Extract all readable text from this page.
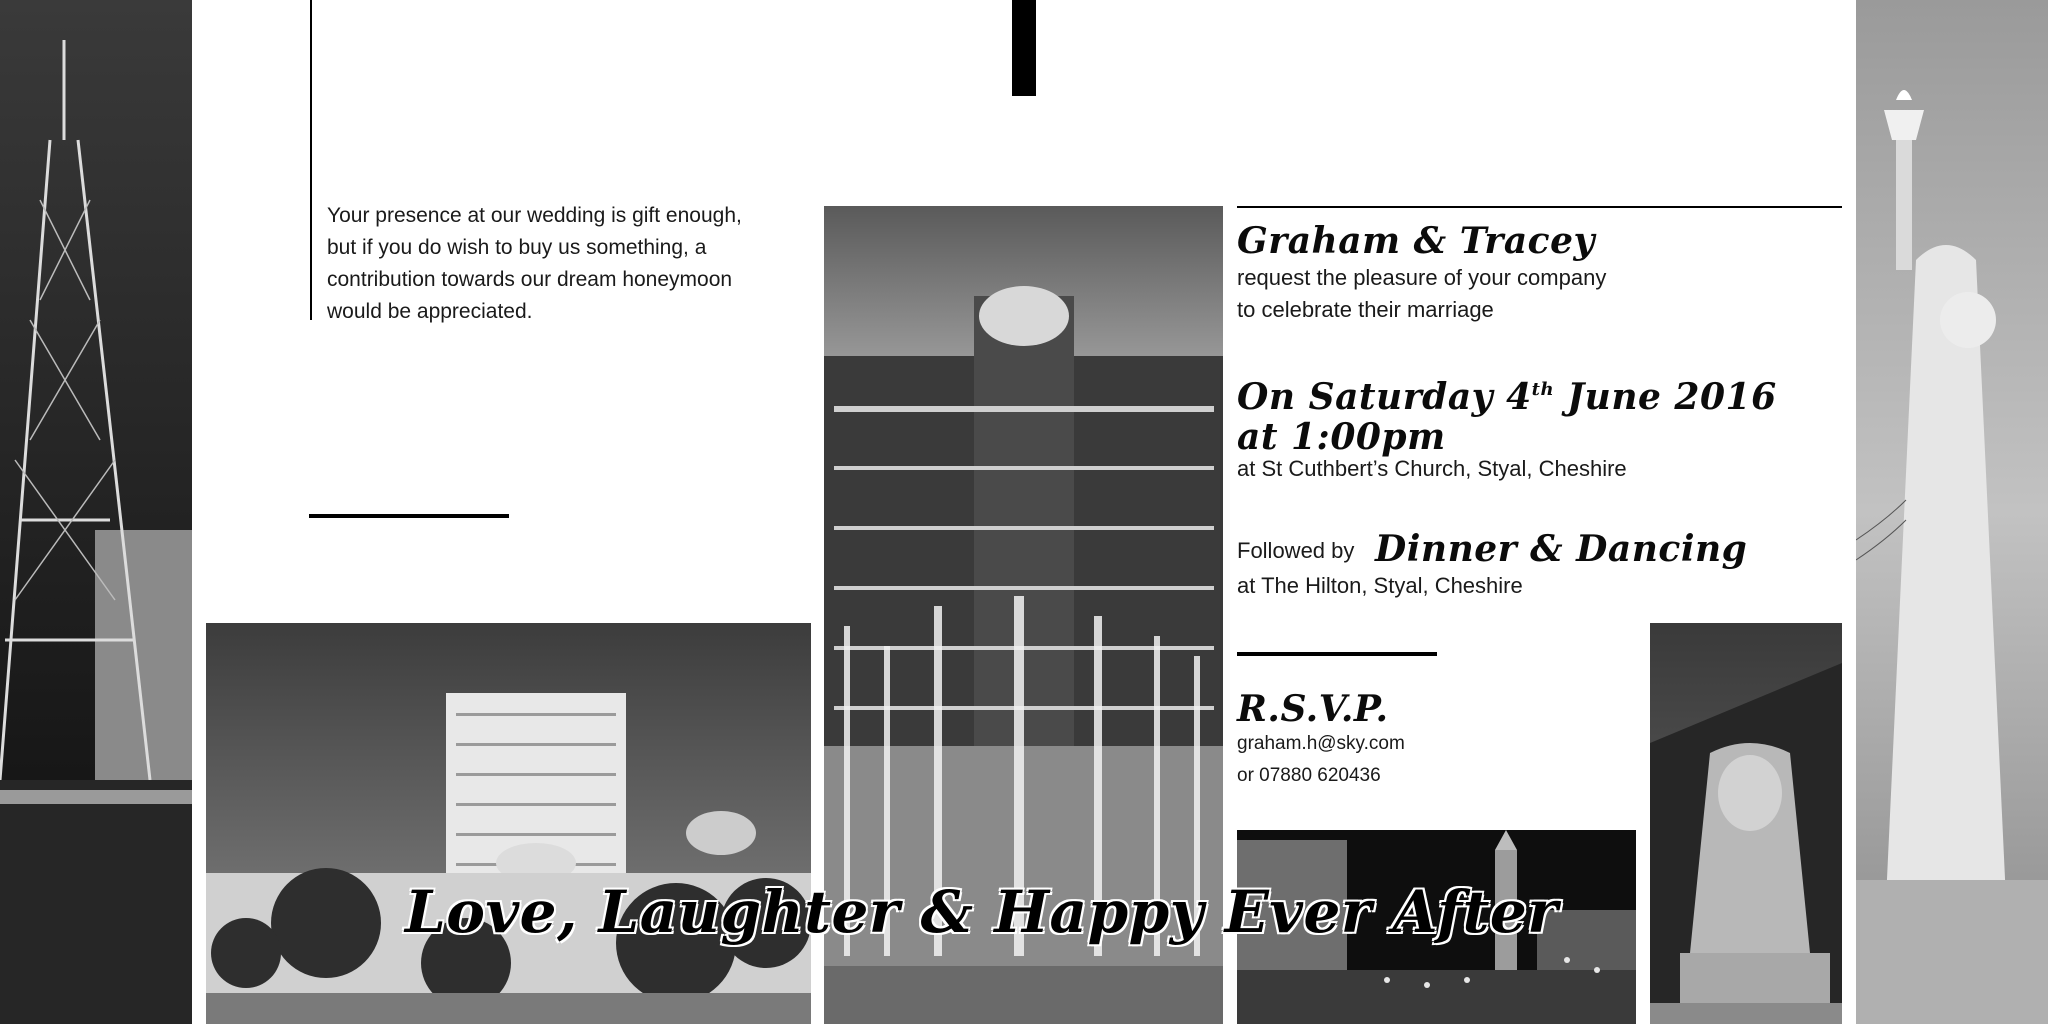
Your presence at our wedding is gift enough, but if you do wish to buy us something, a contribution towards our dream honeymoon would be appreciated.
Graham & Tracey
request the pleasure of your company
to celebrate their marriage
On Saturday 4th June 2016
at 1:00pm
at St Cuthbert’s Church, Styal, Cheshire
Followed by Dinner & Dancing
at The Hilton, Styal, Cheshire
R.S.V.P.
graham.h@sky.com
or 07880 620436
Love, Laughter & Happy Ever After
